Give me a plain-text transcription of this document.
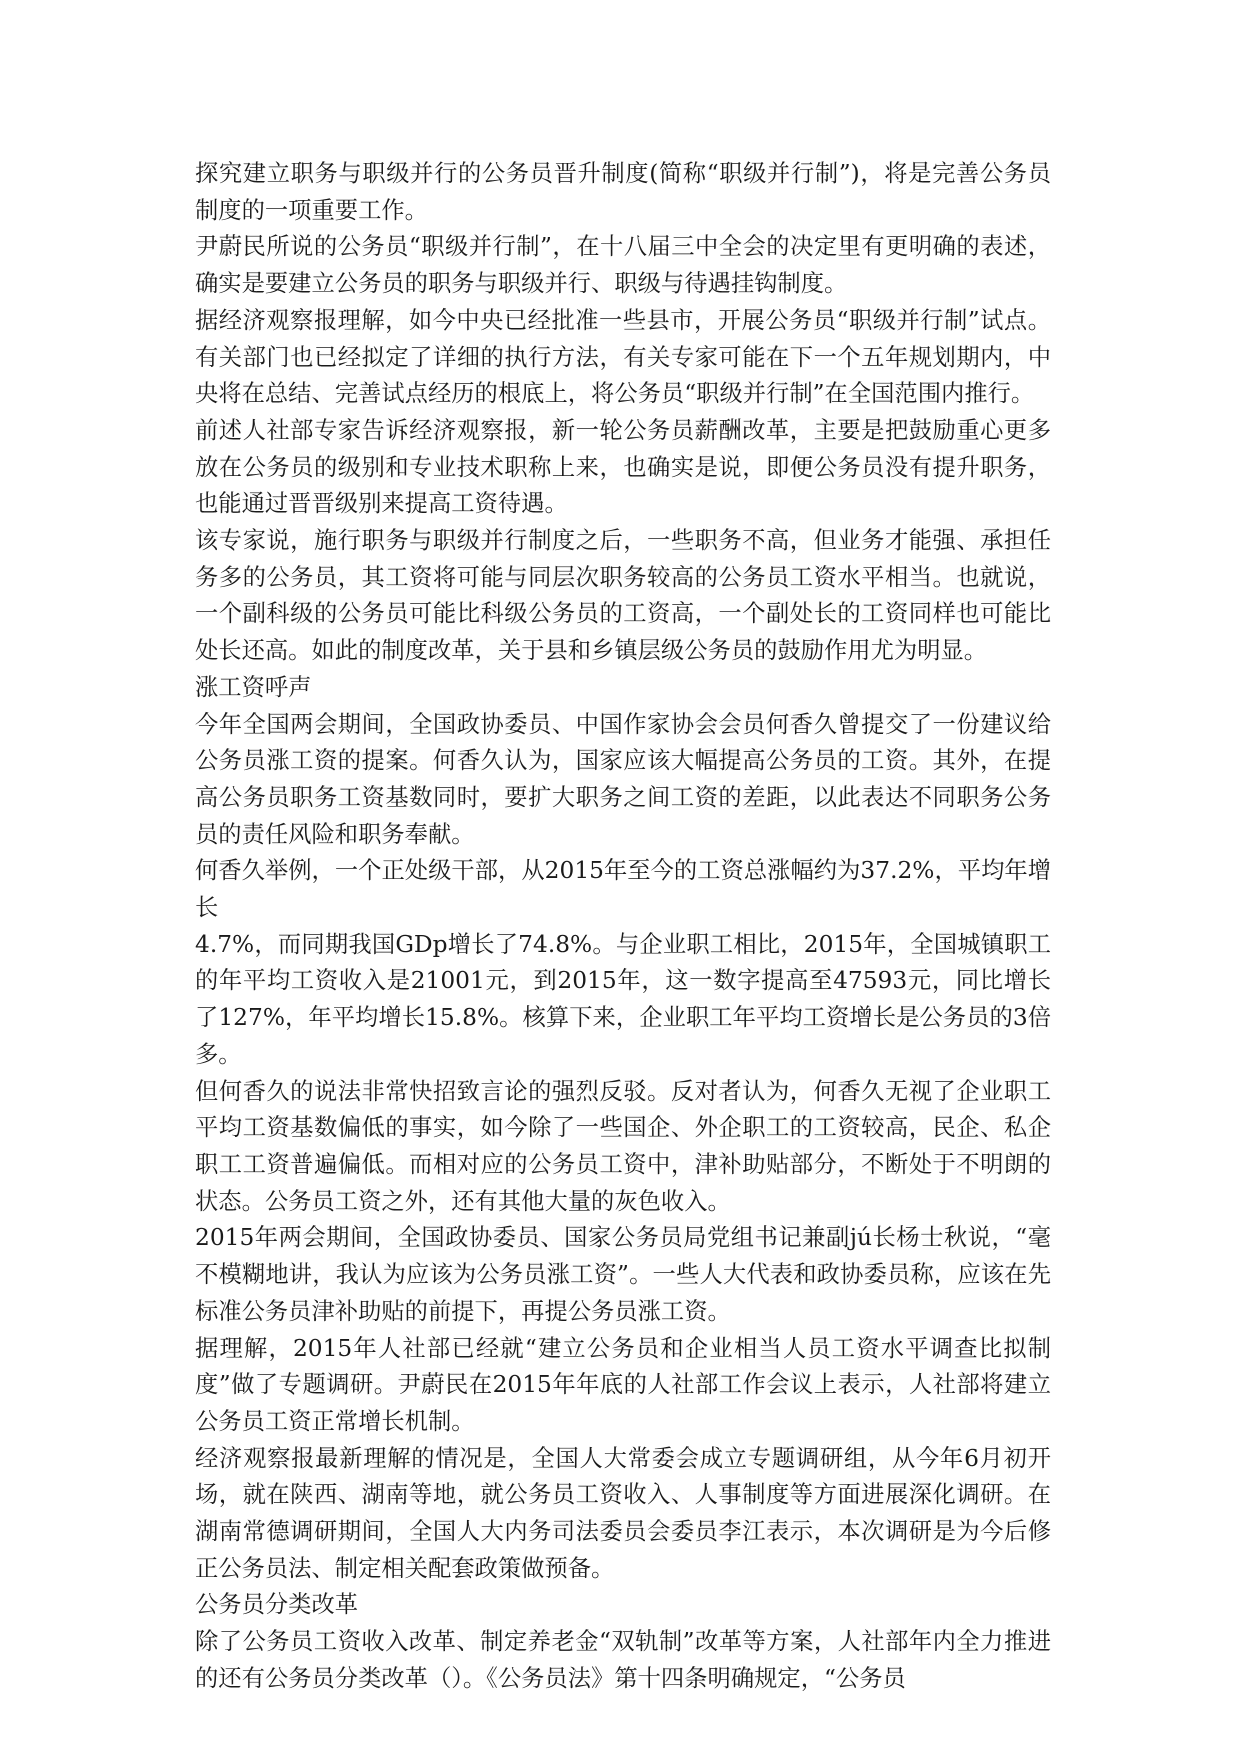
探究建立职务与职级并行的公务员晋升制度(简称“职级并行制”)，将是完善公务员制度的一项重要工作。

尹蔚民所说的公务员“职级并行制”，在十八届三中全会的决定里有更明确的表述，确实是要建立公务员的职务与职级并行、职级与待遇挂钩制度。

据经济观察报理解，如今中央已经批准一些县市，开展公务员“职级并行制”试点。有关部门也已经拟定了详细的执行方法，有关专家可能在下一个五年规划期内，中央将在总结、完善试点经历的根底上，将公务员“职级并行制”在全国范围内推行。

前述人社部专家告诉经济观察报，新一轮公务员薪酬改革，主要是把鼓励重心更多放在公务员的级别和专业技术职称上来，也确实是说，即便公务员没有提升职务，也能通过晋晋级别来提高工资待遇。

该专家说，施行职务与职级并行制度之后，一些职务不高，但业务才能强、承担任务多的公务员，其工资将可能与同层次职务较高的公务员工资水平相当。也就说，一个副科级的公务员可能比科级公务员的工资高，一个副处长的工资同样也可能比处长还高。如此的制度改革，关于县和乡镇层级公务员的鼓励作用尤为明显。

涨工资呼声

今年全国两会期间，全国政协委员、中国作家协会会员何香久曾提交了一份建议给公务员涨工资的提案。何香久认为，国家应该大幅提高公务员的工资。其外，在提高公务员职务工资基数同时，要扩大职务之间工资的差距，以此表达不同职务公务员的责任风险和职务奉献。

何香久举例，一个正处级干部，从2015年至今的工资总涨幅约为37.2%，平均年增长

4.7%，而同期我国GDp增长了74.8%。与企业职工相比，2015年，全国城镇职工的年平均工资收入是21001元，到2015年，这一数字提高至47593元，同比增长了127%，年平均增长15.8%。核算下来，企业职工年平均工资增长是公务员的3倍多。

但何香久的说法非常快招致言论的强烈反驳。反对者认为，何香久无视了企业职工平均工资基数偏低的事实，如今除了一些国企、外企职工的工资较高，民企、私企职工工资普遍偏低。而相对应的公务员工资中，津补助贴部分，不断处于不明朗的状态。公务员工资之外，还有其他大量的灰色收入。

2015年两会期间，全国政协委员、国家公务员局党组书记兼副jú长杨士秋说，“毫不模糊地讲，我认为应该为公务员涨工资”。一些人大代表和政协委员称，应该在先标准公务员津补助贴的前提下，再提公务员涨工资。

据理解，2015年人社部已经就“建立公务员和企业相当人员工资水平调查比拟制度”做了专题调研。尹蔚民在2015年年底的人社部工作会议上表示，人社部将建立公务员工资正常增长机制。

经济观察报最新理解的情况是，全国人大常委会成立专题调研组，从今年6月初开场，就在陕西、湖南等地，就公务员工资收入、人事制度等方面进展深化调研。在湖南常德调研期间，全国人大内务司法委员会委员李江表示，本次调研是为今后修正公务员法、制定相关配套政策做预备。

公务员分类改革

除了公务员工资收入改革、制定养老金“双轨制”改革等方案，人社部年内全力推进的还有公务员分类改革（）。《公务员法》第十四条明确规定，“公务员
